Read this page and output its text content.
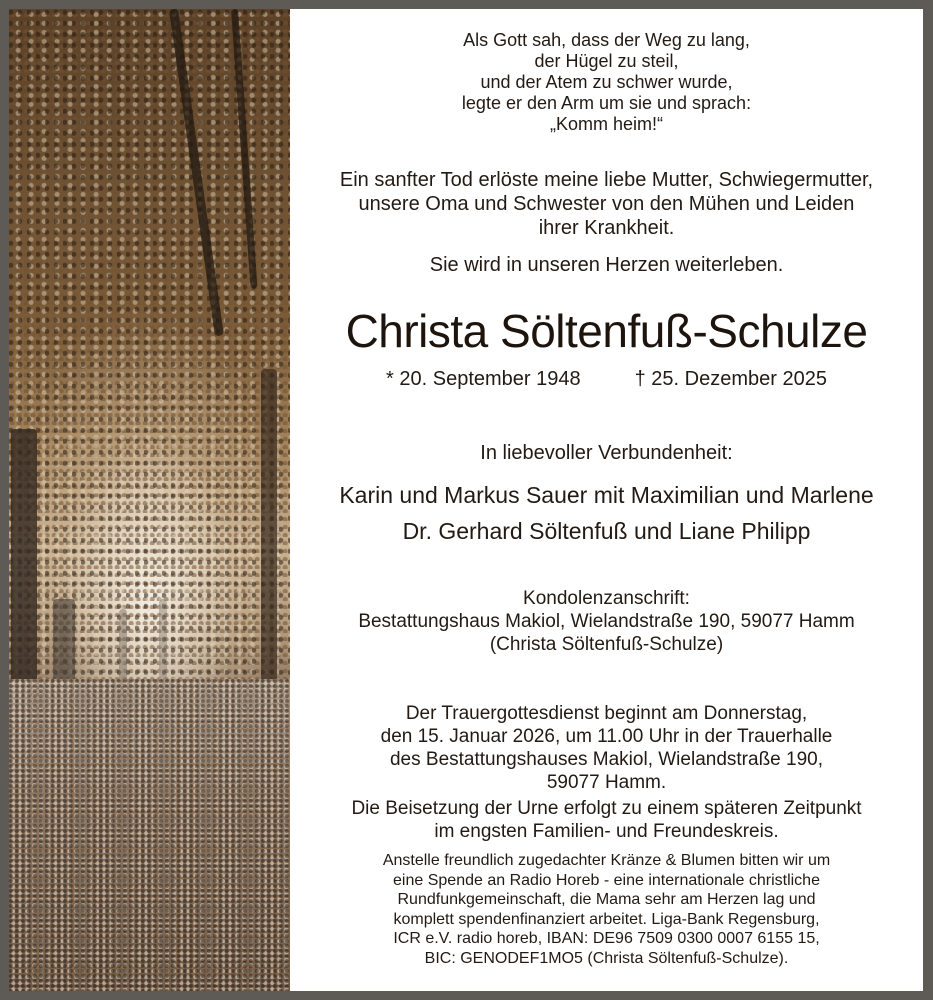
Als Gott sah, dass der Weg zu lang,
der Hügel zu steil,
und der Atem zu schwer wurde,
legte er den Arm um sie und sprach:
„Komm heim!“
Ein sanfter Tod erlöste meine liebe Mutter, Schwiegermutter,
unsere Oma und Schwester von den Mühen und Leiden
ihrer Krankheit.
Sie wird in unseren Herzen weiterleben.
Christa Söltenfuß-Schulze
* 20. September 1948	† 25. Dezember 2025
In liebevoller Verbundenheit:
Karin und Markus Sauer mit Maximilian und Marlene
Dr. Gerhard Söltenfuß und Liane Philipp
Kondolenzanschrift:
Bestattungshaus Makiol, Wielandstraße 190, 59077 Hamm
(Christa Söltenfuß-Schulze)
Der Trauergottesdienst beginnt am Donnerstag,
den 15. Januar 2026, um 11.00 Uhr in der Trauerhalle
des Bestattungshauses Makiol, Wielandstraße 190,
59077 Hamm.
Die Beisetzung der Urne erfolgt zu einem späteren Zeitpunkt
im engsten Familien- und Freundeskreis.
Anstelle freundlich zugedachter Kränze & Blumen bitten wir um
eine Spende an Radio Horeb - eine internationale christliche
Rundfunkgemeinschaft, die Mama sehr am Herzen lag und
komplett spendenfinanziert arbeitet. Liga-Bank Regensburg,
ICR e.V. radio horeb, IBAN: DE96 7509 0300 0007 6155 15,
BIC: GENODEF1MO5 (Christa Söltenfuß-Schulze).
